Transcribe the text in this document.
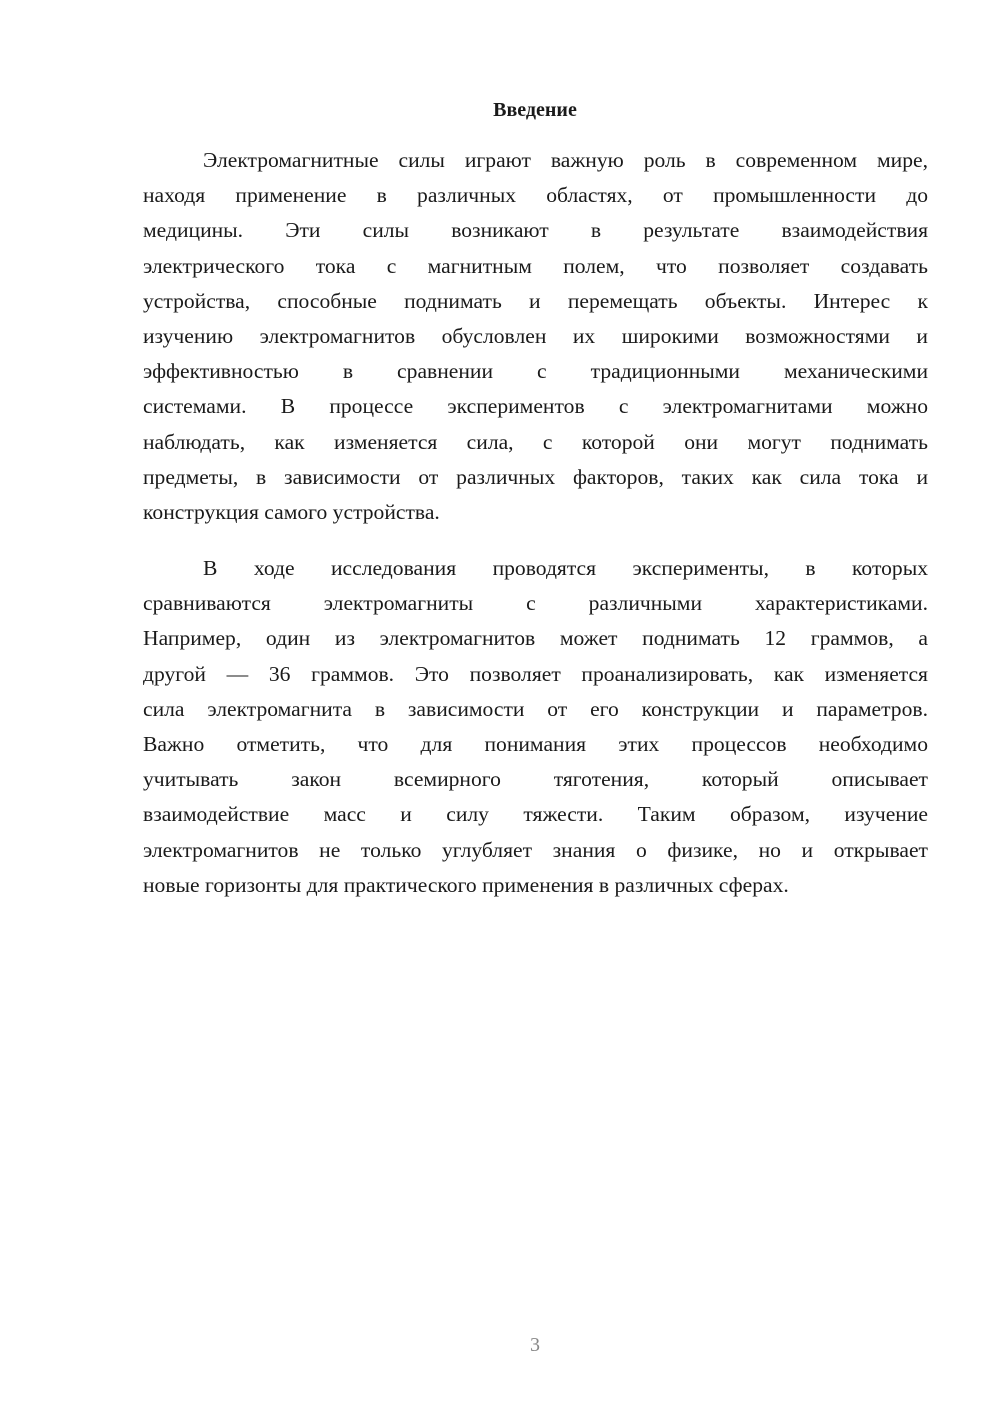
Введение
Электромагнитные силы играют важную роль в современном мире,
находя применение в различных областях, от промышленности до
медицины. Эти силы возникают в результате взаимодействия
электрического тока с магнитным полем, что позволяет создавать
устройства, способные поднимать и перемещать объекты. Интерес к
изучению электромагнитов обусловлен их широкими возможностями и
эффективностью в сравнении с традиционными механическими
системами. В процессе экспериментов с электромагнитами можно
наблюдать, как изменяется сила, с которой они могут поднимать
предметы, в зависимости от различных факторов, таких как сила тока и
конструкция самого устройства.
В ходе исследования проводятся эксперименты, в которых
сравниваются электромагниты с различными характеристиками.
Например, один из электромагнитов может поднимать 12 граммов, а
другой — 36 граммов. Это позволяет проанализировать, как изменяется
сила электромагнита в зависимости от его конструкции и параметров.
Важно отметить, что для понимания этих процессов необходимо
учитывать закон всемирного тяготения, который описывает
взаимодействие масс и силу тяжести. Таким образом, изучение
электромагнитов не только углубляет знания о физике, но и открывает
новые горизонты для практического применения в различных сферах.
3
